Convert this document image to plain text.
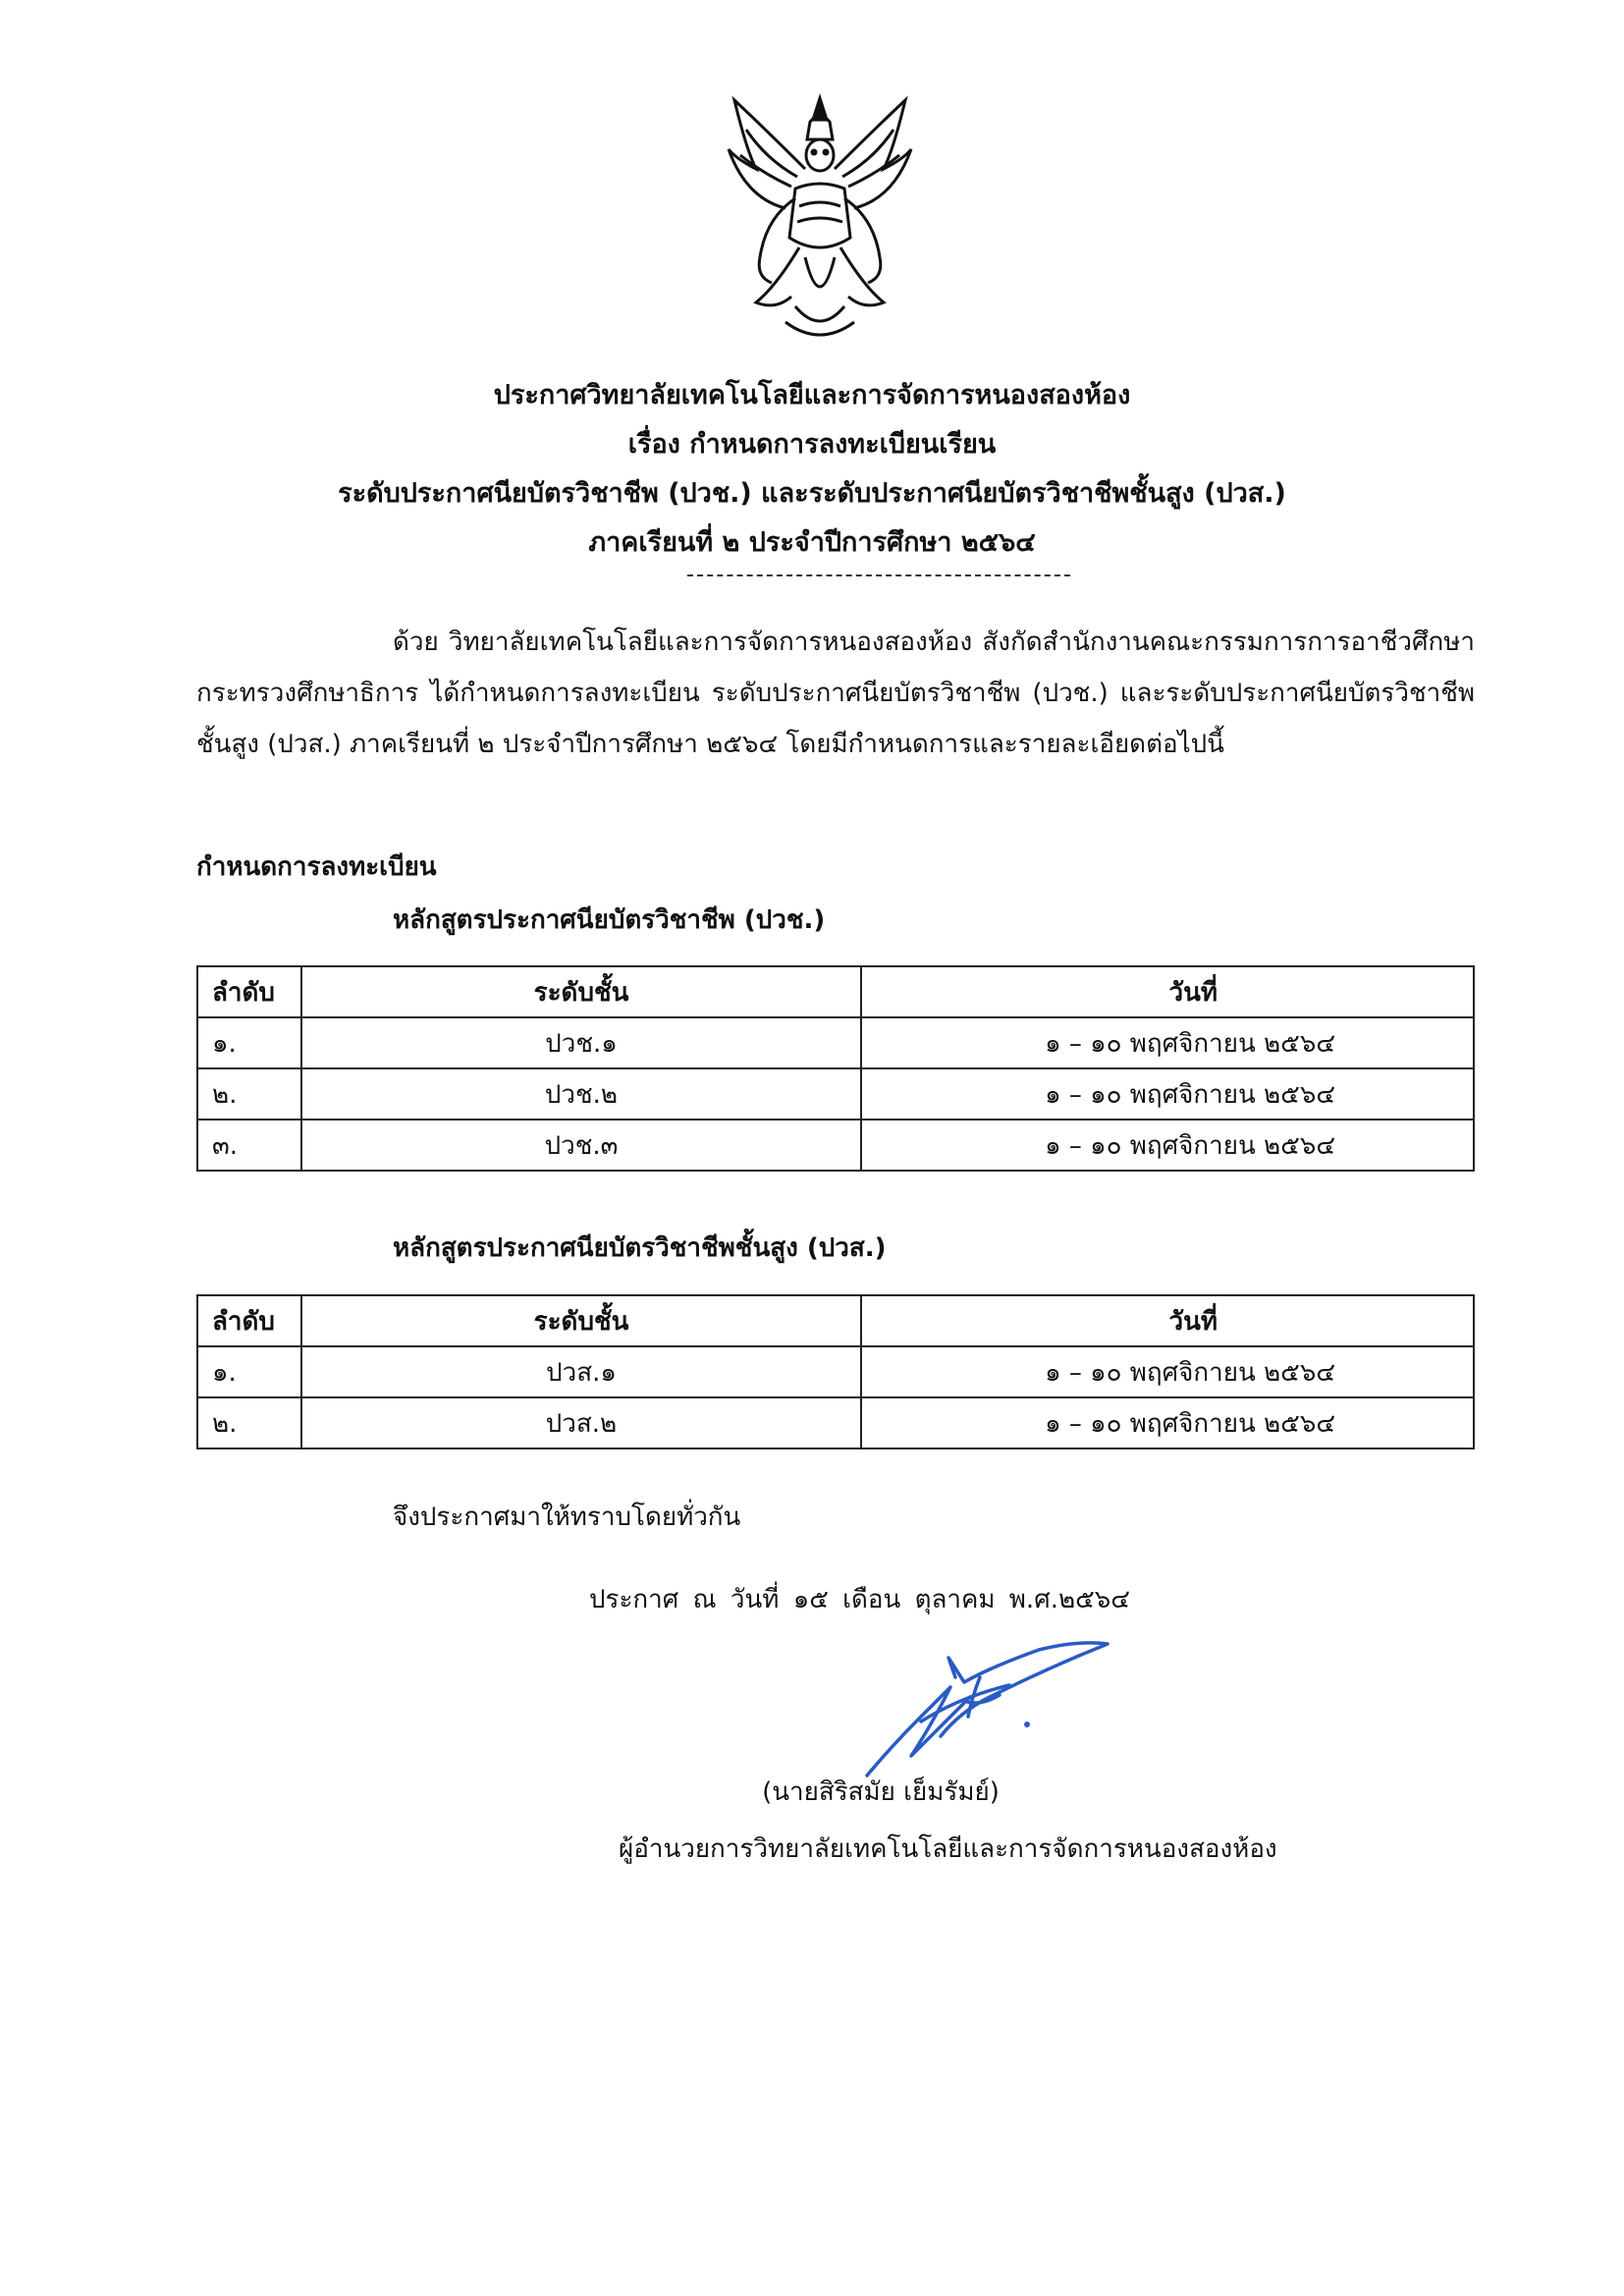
ประกาศวิทยาลัยเทคโนโลยีและการจัดการหนองสองห้อง
เรื่อง กำหนดการลงทะเบียนเรียน
ระดับประกาศนียบัตรวิชาชีพ (ปวช.) และระดับประกาศนียบัตรวิชาชีพชั้นสูง (ปวส.)
ภาคเรียนที่ ๒ ประจำปีการศึกษา ๒๕๖๔
ด้วย วิทยาลัยเทคโนโลยีและการจัดการหนองสองห้อง สังกัดสำนักงานคณะกรรมการการอาชีวศึกษา กระทรวงศึกษาธิการ ได้กำหนดการลงทะเบียน ระดับประกาศนียบัตรวิชาชีพ (ปวช.) และระดับประกาศนียบัตรวิชาชีพชั้นสูง (ปวส.) ภาคเรียนที่ ๒ ประจำปีการศึกษา ๒๕๖๔ โดยมีกำหนดการและรายละเอียดต่อไปนี้
กำหนดการลงทะเบียน
หลักสูตรประกาศนียบัตรวิชาชีพ (ปวช.)
ลำดับ	ระดับชั้น	วันที่
๑.	ปวช.๑	๑ – ๑๐ พฤศจิกายน ๒๕๖๔
๒.	ปวช.๒	๑ – ๑๐ พฤศจิกายน ๒๕๖๔
๓.	ปวช.๓	๑ – ๑๐ พฤศจิกายน ๒๕๖๔
หลักสูตรประกาศนียบัตรวิชาชีพชั้นสูง (ปวส.)
ลำดับ	ระดับชั้น	วันที่
๑.	ปวส.๑	๑ – ๑๐ พฤศจิกายน ๒๕๖๔
๒.	ปวส.๒	๑ – ๑๐ พฤศจิกายน ๒๕๖๔
จึงประกาศมาให้ทราบโดยทั่วกัน
ประกาศ ณ วันที่ ๑๕ เดือน ตุลาคม พ.ศ.๒๕๖๔
(นายสิริสมัย เย็มรัมย์)
ผู้อำนวยการวิทยาลัยเทคโนโลยีและการจัดการหนองสองห้อง
